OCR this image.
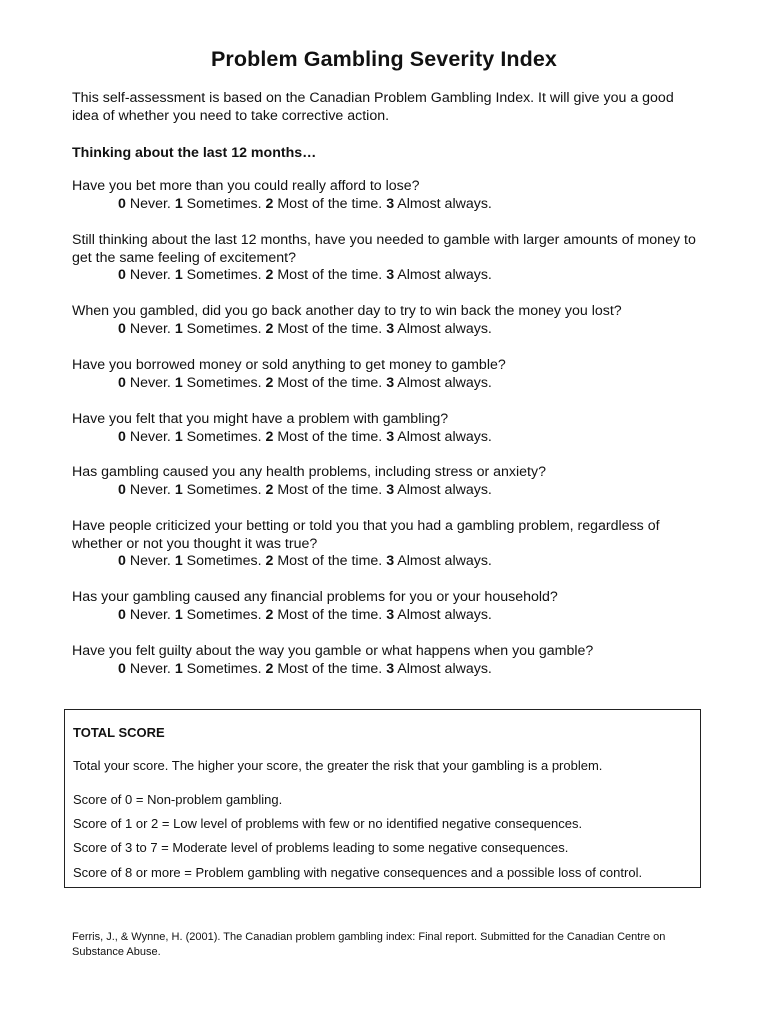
Problem Gambling Severity Index
This self-assessment is based on the Canadian Problem Gambling Index. It will give you a good idea of whether you need to take corrective action.
Thinking about the last 12 months…
Have you bet more than you could really afford to lose?
0 Never. 1 Sometimes. 2 Most of the time. 3 Almost always.
Still thinking about the last 12 months, have you needed to gamble with larger amounts of money to get the same feeling of excitement?
0 Never. 1 Sometimes. 2 Most of the time. 3 Almost always.
When you gambled, did you go back another day to try to win back the money you lost?
0 Never. 1 Sometimes. 2 Most of the time. 3 Almost always.
Have you borrowed money or sold anything to get money to gamble?
0 Never. 1 Sometimes. 2 Most of the time. 3 Almost always.
Have you felt that you might have a problem with gambling?
0 Never. 1 Sometimes. 2 Most of the time. 3 Almost always.
Has gambling caused you any health problems, including stress or anxiety?
0 Never. 1 Sometimes. 2 Most of the time. 3 Almost always.
Have people criticized your betting or told you that you had a gambling problem, regardless of whether or not you thought it was true?
0 Never. 1 Sometimes. 2 Most of the time. 3 Almost always.
Has your gambling caused any financial problems for you or your household?
0 Never. 1 Sometimes. 2 Most of the time. 3 Almost always.
Have you felt guilty about the way you gamble or what happens when you gamble?
0 Never. 1 Sometimes. 2 Most of the time. 3 Almost always.
TOTAL SCORE
Total your score. The higher your score, the greater the risk that your gambling is a problem.
Score of 0 = Non-problem gambling.
Score of 1 or 2 = Low level of problems with few or no identified negative consequences.
Score of 3 to 7 = Moderate level of problems leading to some negative consequences.
Score of 8 or more = Problem gambling with negative consequences and a possible loss of control.
Ferris, J., & Wynne, H. (2001). The Canadian problem gambling index: Final report. Submitted for the Canadian Centre on Substance Abuse.
